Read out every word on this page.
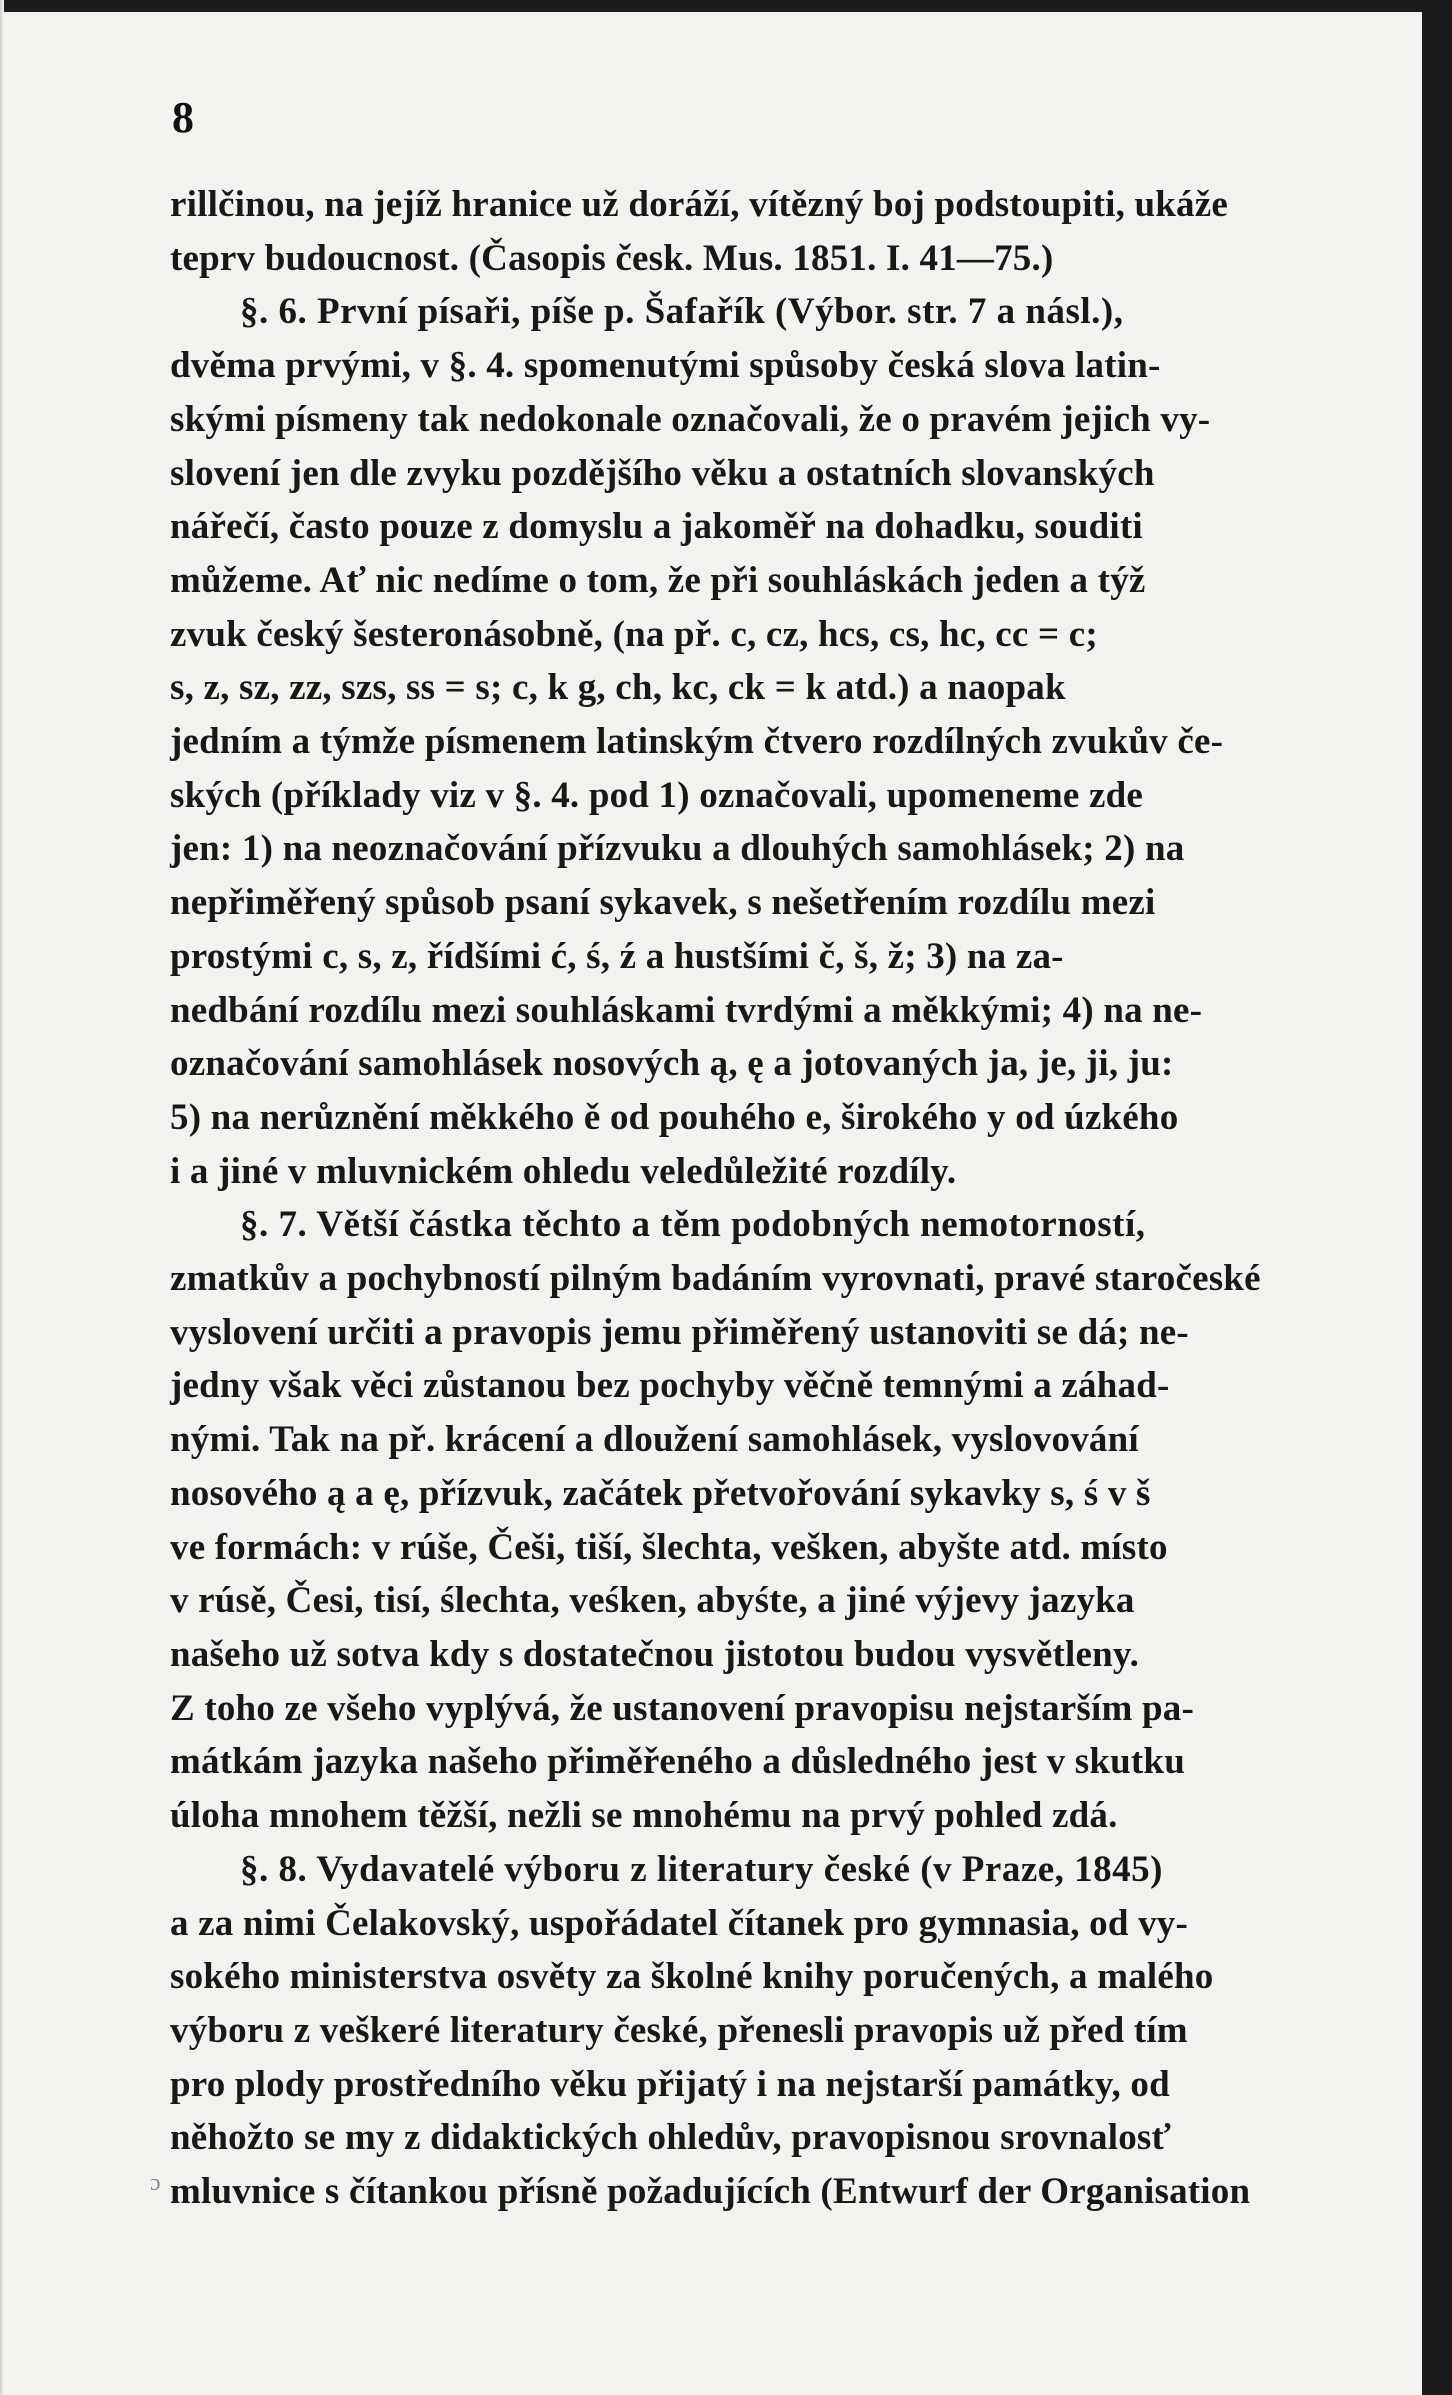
8

rillčinou, na jejíž hranice už doráží, vítězný boj podstoupiti, ukáže

teprv budoucnost. (Časopis česk. Mus. 1851. I. 41—75.)

§. 6. První písaři, píše p. Šafařík (Výbor. str. 7 a násl.),

dvěma prvými, v §. 4. spomenutými spůsoby česká slova latin-

skými písmeny tak nedokonale označovali, že o pravém jejich vy-

slovení jen dle zvyku pozdějšího věku a ostatních slovanských

nářečí, často pouze z domyslu a jakoměř na dohadku, souditi

můžeme. Ať nic nedíme o tom, že při souhláskách jeden a týž

zvuk český šesteronásobně, (na př. c, cz, hcs, cs, hc, cc = c;

s, z, sz, zz, szs, ss = s; c, k g, ch, kc, ck = k atd.) a naopak

jedním a týmže písmenem latinským čtvero rozdílných zvukův če-

ských (příklady viz v §. 4. pod 1) označovali, upomeneme zde

jen: 1) na neoznačování přízvuku a dlouhých samohlásek; 2) na

nepřiměřený spůsob psaní sykavek, s nešetřením rozdílu mezi

prostými c, s, z, řídšími ć, ś, ź a hustšími č, š, ž; 3) na za-

nedbání rozdílu mezi souhláskami tvrdými a měkkými; 4) na ne-

označování samohlásek nosových ą, ę a jotovaných ja, je, ji, ju:

5) na nerůznění měkkého ě od pouhého e, širokého y od úzkého

i a jiné v mluvnickém ohledu veledůležité rozdíly.

§. 7. Větší částka těchto a těm podobných nemotorností,

zmatkův a pochybností pilným badáním vyrovnati, pravé staročeské

vyslovení určiti a pravopis jemu přiměřený ustanoviti se dá; ne-

jedny však věci zůstanou bez pochyby věčně temnými a záhad-

nými. Tak na př. krácení a dloužení samohlásek, vyslovování

nosového ą a ę, přízvuk, začátek přetvořování sykavky s, ś v š

ve formách: v rúše, Češi, tiší, šlechta, vešken, abyšte atd. místo

v rúsě, Česi, tisí, ślechta, veśken, abyśte, a jiné výjevy jazyka

našeho už sotva kdy s dostatečnou jistotou budou vysvětleny.

Z toho ze všeho vyplývá, že ustanovení pravopisu nejstarším pa-

mátkám jazyka našeho přiměřeného a důsledného jest v skutku

úloha mnohem těžší, nežli se mnohému na prvý pohled zdá.

§. 8. Vydavatelé výboru z literatury české (v Praze, 1845)

a za nimi Čelakovský, uspořádatel čítanek pro gymnasia, od vy-

sokého ministerstva osvěty za školné knihy poručených, a malého

výboru z veškeré literatury české, přenesli pravopis už před tím

pro plody prostředního věku přijatý i na nejstarší památky, od

něhožto se my z didaktických ohledův, pravopisnou srovnalosť

mluvnice s čítankou přísně požadujících (Entwurf der Organisation

ɔ
